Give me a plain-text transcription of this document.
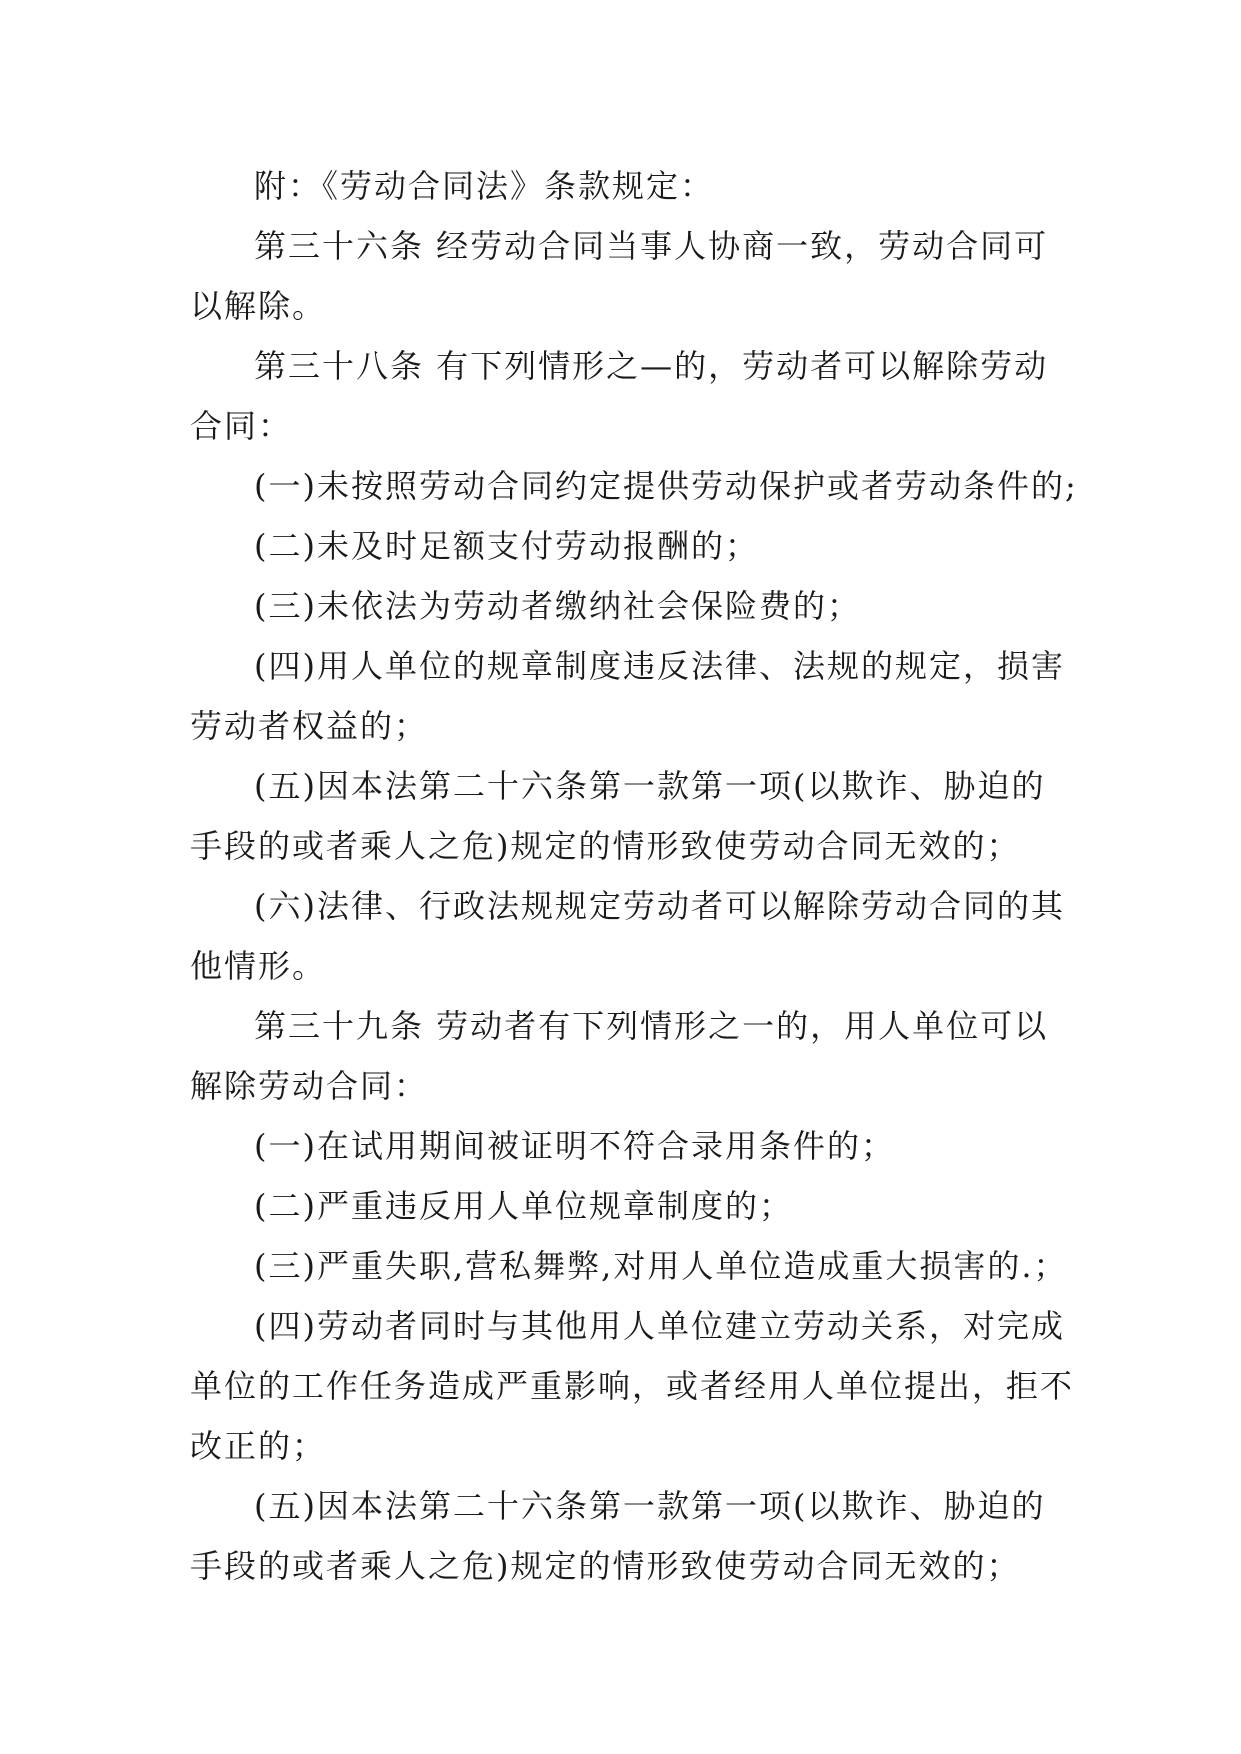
附：《劳动合同法》条款规定：

第三十六条 经劳动合同当事人协商一致，劳动合同可

以解除。

第三十八条 有下列情形之—的，劳动者可以解除劳动

合同：

(一)未按照劳动合同约定提供劳动保护或者劳动条件的;

(二)未及时足额支付劳动报酬的；

(三)未依法为劳动者缴纳社会保险费的；

(四)用人单位的规章制度违反法律、法规的规定，损害

劳动者权益的；

(五)因本法第二十六条第一款第一项(以欺诈、胁迫的

手段的或者乘人之危)规定的情形致使劳动合同无效的；

(六)法律、行政法规规定劳动者可以解除劳动合同的其

他情形。

第三十九条 劳动者有下列情形之一的，用人单位可以

解除劳动合同：

(一)在试用期间被证明不符合录用条件的；

(二)严重违反用人单位规章制度的；

(三)严重失职,营私舞弊,对用人单位造成重大损害的.；

(四)劳动者同时与其他用人单位建立劳动关系，对完成

单位的工作任务造成严重影响，或者经用人单位提出，拒不

改正的；

(五)因本法第二十六条第一款第一项(以欺诈、胁迫的

手段的或者乘人之危)规定的情形致使劳动合同无效的；
